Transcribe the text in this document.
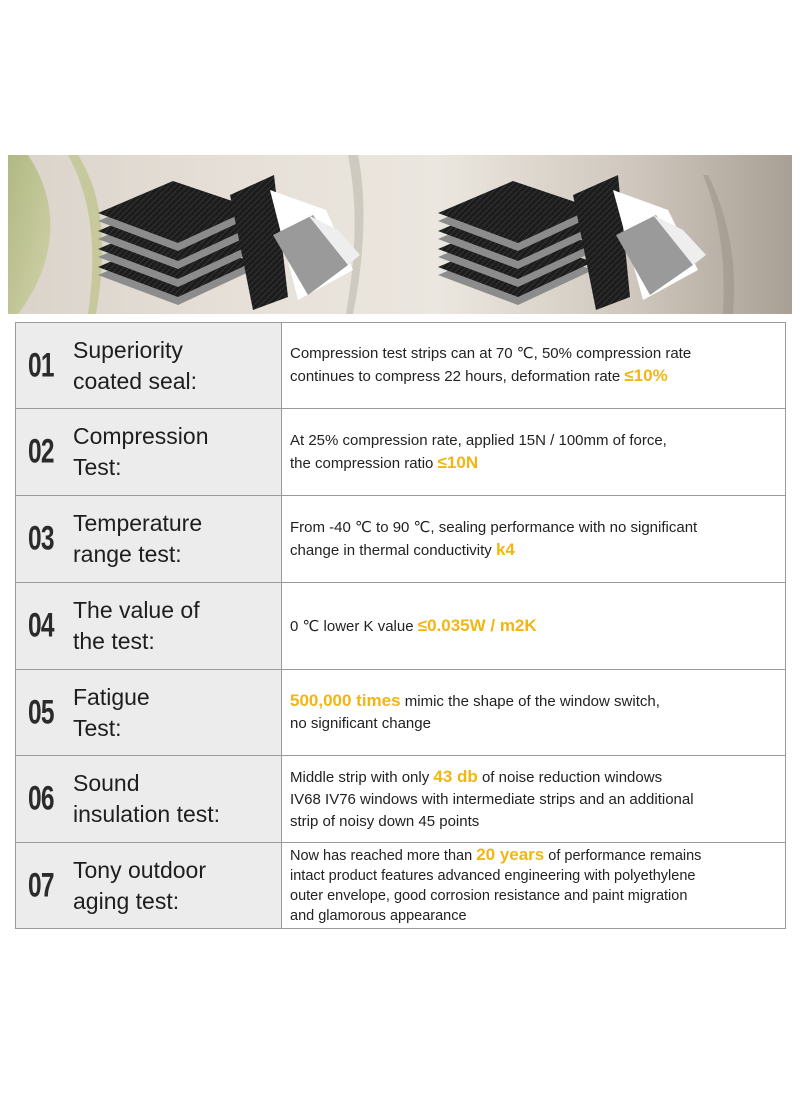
01 Superiority
coated seal:
Compression test strips can at 70 ℃, 50% compression rate
continues to compress 22 hours, deformation rate ≤10%
02 Compression
Test:
At 25% compression rate, applied 15N / 100mm of force,
the compression ratio ≤10N
03 Temperature
range test:
From -40 ℃ to 90 ℃, sealing performance with no significant
change in thermal conductivity k4
04 The value of
the test:
0 ℃ lower K value ≤0.035W / m2K
05 Fatigue
Test:
500,000 times mimic the shape of the window switch,
no significant change
06 Sound
insulation test:
Middle strip with only 43 db of noise reduction windows
IV68 IV76 windows with intermediate strips and an additional
strip of noisy down 45 points
07 Tony outdoor
aging test:
Now has reached more than 20 years of performance remains
intact product features advanced engineering with polyethylene
outer envelope, good corrosion resistance and paint migration
and glamorous appearance
